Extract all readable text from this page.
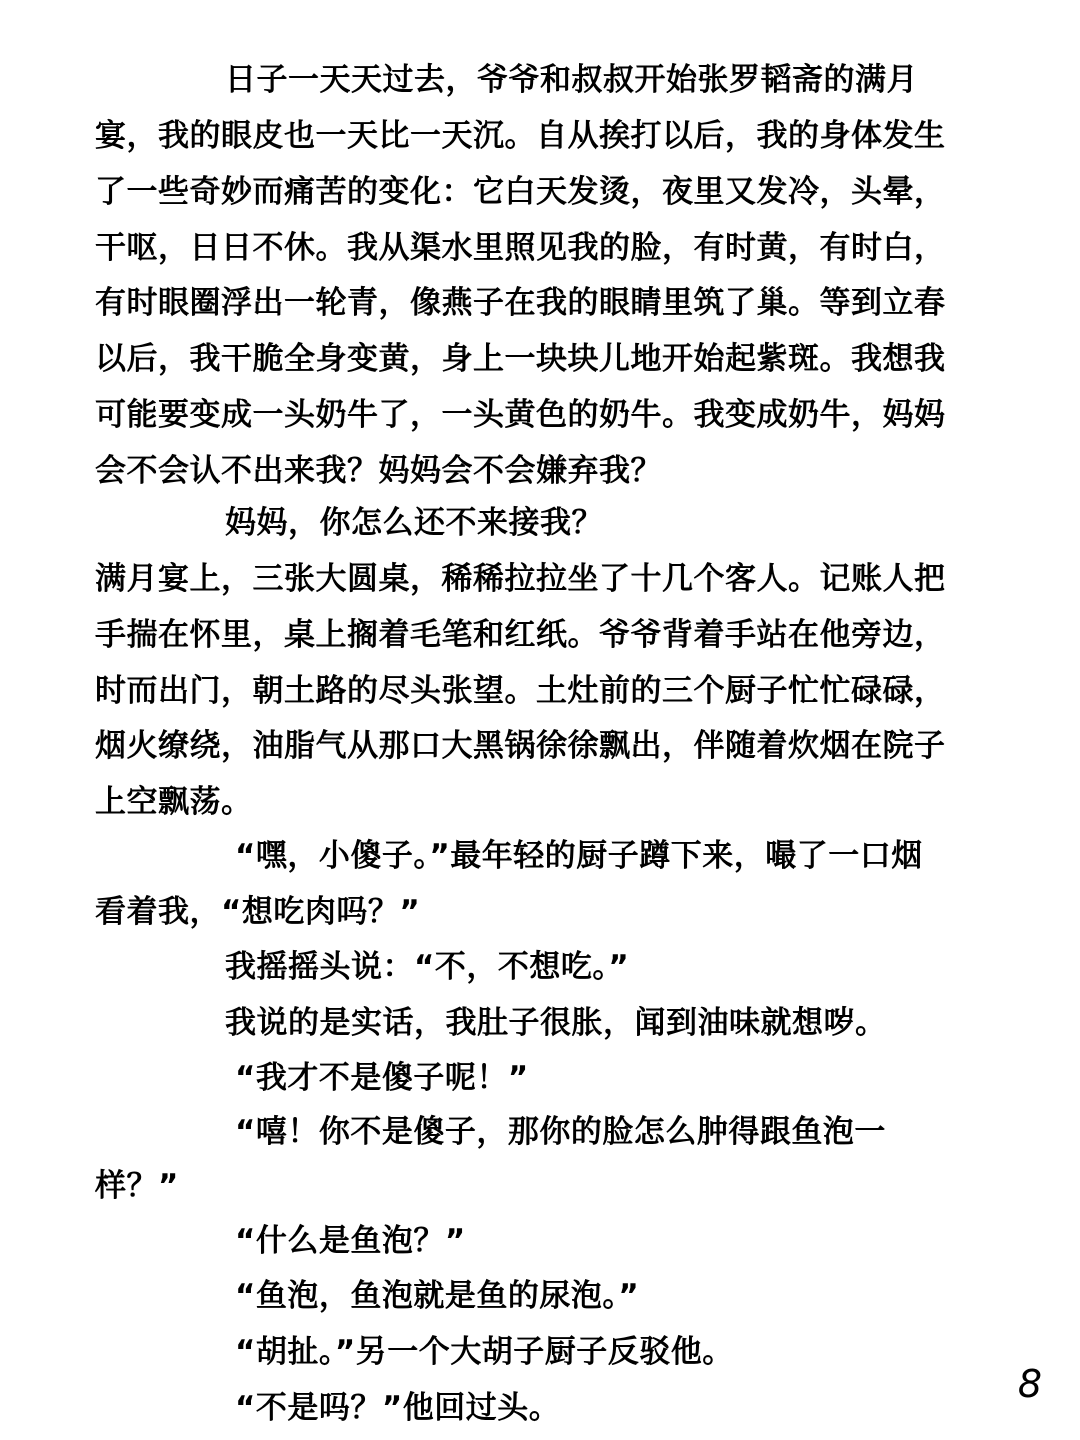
日子一天天过去，爷爷和叔叔开始张罗韬斋的满月
宴，我的眼皮也一天比一天沉。自从挨打以后，我的身体发生
了一些奇妙而痛苦的变化：它白天发烫，夜里又发冷，头晕，
干呕，日日不休。我从渠水里照见我的脸，有时黄，有时白，
有时眼圈浮出一轮青，像燕子在我的眼睛里筑了巢。等到立春
以后，我干脆全身变黄，身上一块块儿地开始起紫斑。我想我
可能要变成一头奶牛了，一头黄色的奶牛。我变成奶牛，妈妈
会不会认不出来我？妈妈会不会嫌弃我？
妈妈，你怎么还不来接我？
满月宴上，三张大圆桌，稀稀拉拉坐了十几个客人。记账人把
手揣在怀里，桌上搁着毛笔和红纸。爷爷背着手站在他旁边，
时而出门，朝土路的尽头张望。土灶前的三个厨子忙忙碌碌，
烟火缭绕，油脂气从那口大黑锅徐徐飘出，伴随着炊烟在院子
上空飘荡。
“嘿，小傻子。”最年轻的厨子蹲下来，嘬了一口烟
看着我，“想吃肉吗？”
我摇摇头说：“不，不想吃。”
我说的是实话，我肚子很胀，闻到油味就想哕。
“我才不是傻子呢！”
“嘻！你不是傻子，那你的脸怎么肿得跟鱼泡一
样？”
“什么是鱼泡？”
“鱼泡，鱼泡就是鱼的尿泡。”
“胡扯。”另一个大胡子厨子反驳他。
“不是吗？”他回过头。
8
